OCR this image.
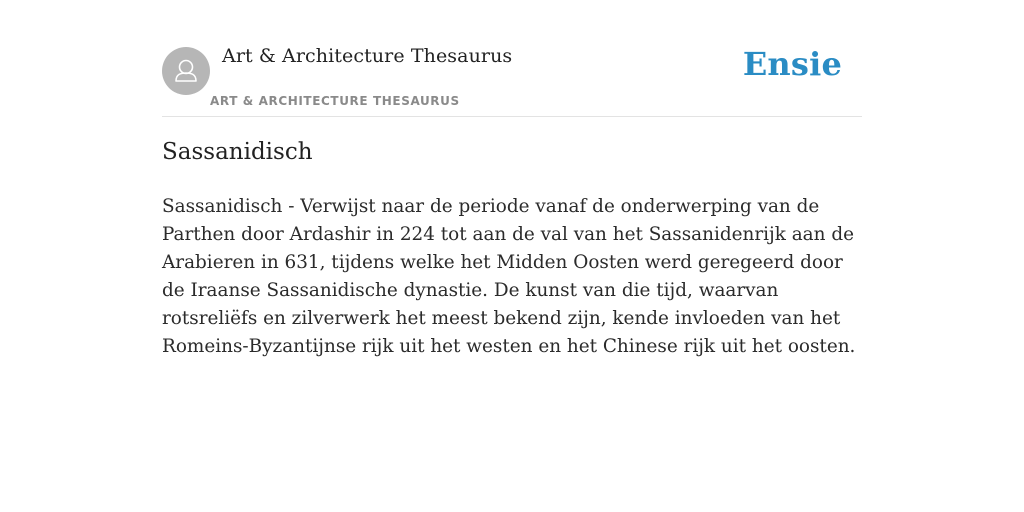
Art & Architecture Thesaurus
ART & ARCHITECTURE THESAURUS
Ensie
Sassanidisch

Sassanidisch - Verwijst naar de periode vanaf de onderwerping van de Parthen door Ardashir in 224 tot aan de val van het Sassanidenrijk aan de Arabieren in 631, tijdens welke het Midden Oosten werd geregeerd door de Iraanse Sassanidische dynastie. De kunst van die tijd, waarvan rotsreliëfs en zilverwerk het meest bekend zijn, kende invloeden van het Romeins-Byzantijnse rijk uit het westen en het Chinese rijk uit het oosten.
